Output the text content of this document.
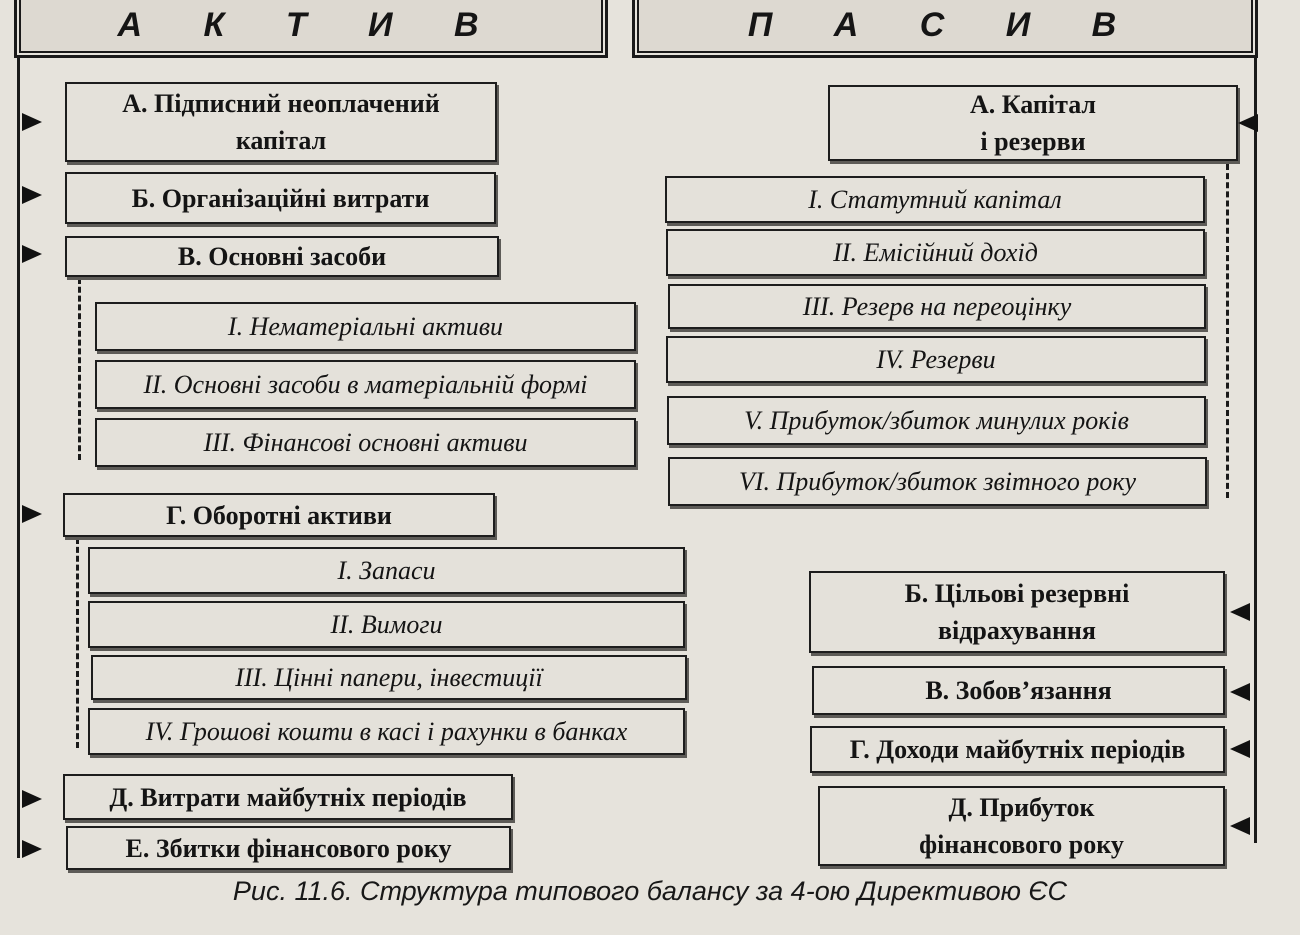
А К Т И В	П А С И В
А. Підписний неоплачений
капітал
Б. Організаційні витрати
В. Основні засоби
І. Нематеріальні активи
ІІ. Основні засоби в матеріальній формі
ІІІ. Фінансові основні активи
Г. Оборотні активи
І. Запаси
ІІ. Вимоги
ІІІ. Цінні папери, інвестиції
IV. Грошові кошти в касі і рахунки в банках
Д. Витрати майбутніх періодів
Е. Збитки фінансового року
А. Капітал
і резерви
І. Статутний капітал
ІІ. Емісійний дохід
ІІІ. Резерв на переоцінку
IV. Резерви
V. Прибуток/збиток минулих років
VI. Прибуток/збиток звітного року
Б. Цільові резервні
відрахування
В. Зобов’язання
Г. Доходи майбутніх періодів
Д. Прибуток
фінансового року
Рис. 11.6. Структура типового балансу за 4-ою Директивою ЄС
